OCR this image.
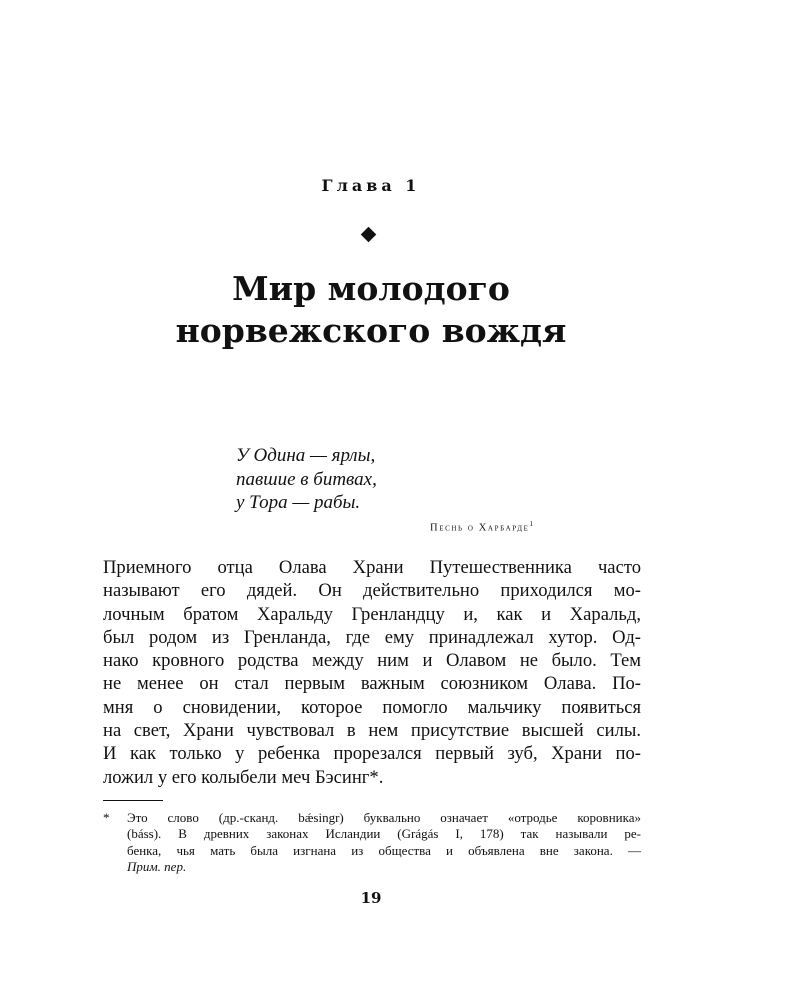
Глава 1
Мир молодого
норвежского вождя
У Одина — ярлы,
павшие в битвах,
у Тора — рабы.
Песнь о Харбарде$^1$
Приемного отца Олава Храни Путешественника часто
называют его дядей. Он действительно приходился мо-
лочным братом Харальду Гренландцу и, как и Харальд,
был родом из Гренланда, где ему принадлежал хутор. Од-
нако кровного родства между ним и Олавом не было. Тем
не менее он стал первым важным союзником Олава. По-
мня о сновидении, которое помогло мальчику появиться
на свет, Храни чувствовал в нем присутствие высшей силы.
И как только у ребенка прорезался первый зуб, Храни по-
ложил у его колыбели меч Бэсинг*.
* Это слово (др.-сканд. bǽsingr) буквально означает «отродье коровника»
(báss). В древних законах Исландии (Grágás I, 178) так называли ре-
бенка, чья мать была изгнана из общества и объявлена вне закона. —
Прим. пер.
19
